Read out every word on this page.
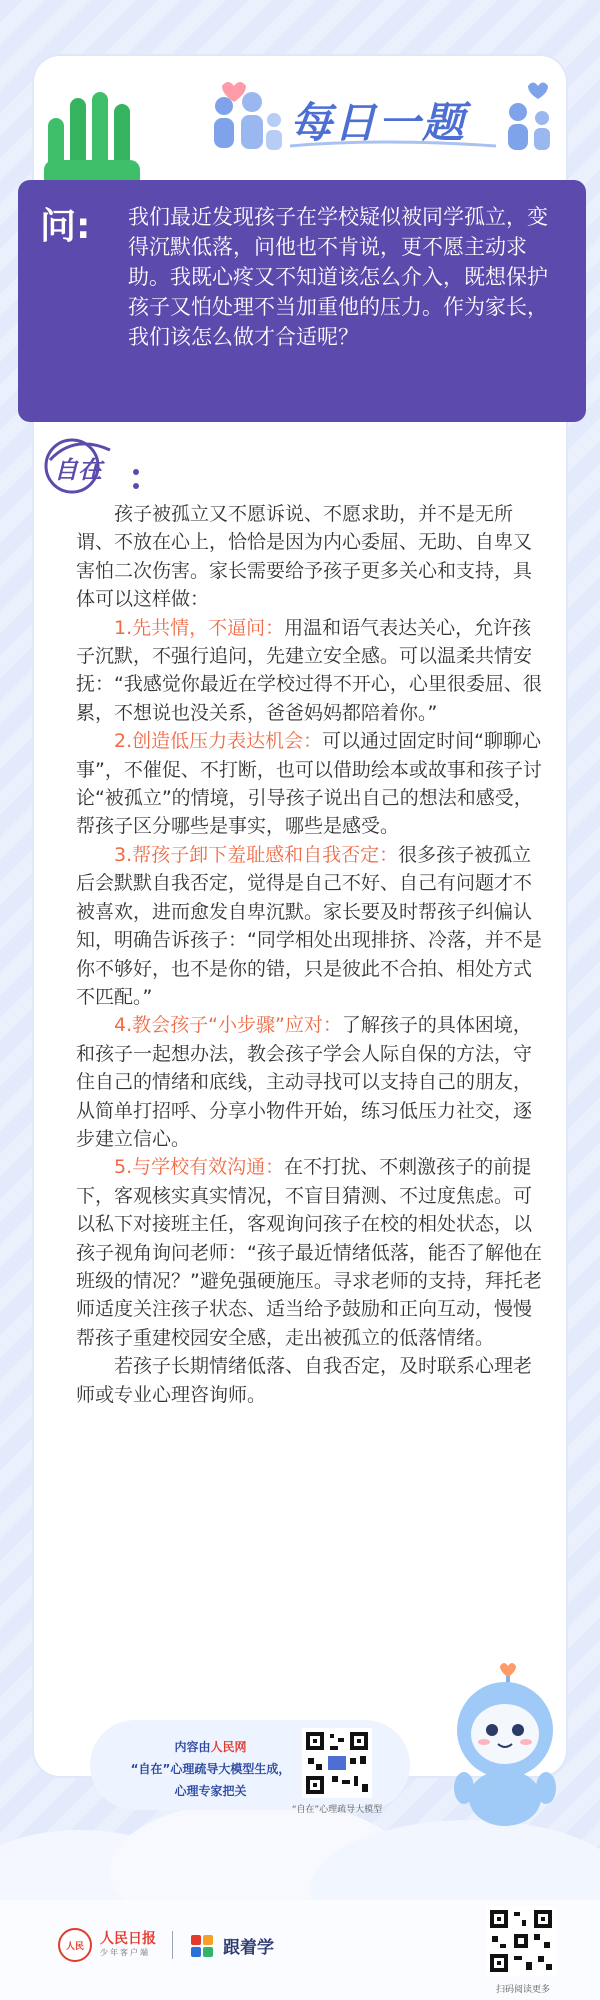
每日一题
问: 我们最近发现孩子在学校疑似被同学孤立，变得沉默低落，问他也不肯说，更不愿主动求助。我既心疼又不知道该怎么介入，既想保护孩子又怕处理不当加重他的压力。作为家长，我们该怎么做才合适呢？
自在

孩子被孤立又不愿诉说、不愿求助，并不是无所谓、不放在心上，恰恰是因为内心委屈、无助、自卑又害怕二次伤害。家长需要给予孩子更多关心和支持，具体可以这样做：

1.先共情，不逼问：用温和语气表达关心，允许孩子沉默，不强行追问，先建立安全感。可以温柔共情安抚：“我感觉你最近在学校过得不开心，心里很委屈、很累，不想说也没关系，爸爸妈妈都陪着你。”

2.创造低压力表达机会：可以通过固定时间“聊聊心事”，不催促、不打断，也可以借助绘本或故事和孩子讨论“被孤立”的情境，引导孩子说出自己的想法和感受，帮孩子区分哪些是事实，哪些是感受。

3.帮孩子卸下羞耻感和自我否定：很多孩子被孤立后会默默自我否定，觉得是自己不好、自己有问题才不被喜欢，进而愈发自卑沉默。家长要及时帮孩子纠偏认知，明确告诉孩子：“同学相处出现排挤、冷落，并不是你不够好，也不是你的错，只是彼此不合拍、相处方式不匹配。”

4.教会孩子“小步骤”应对：了解孩子的具体困境，和孩子一起想办法，教会孩子学会人际自保的方法，守住自己的情绪和底线，主动寻找可以支持自己的朋友，从简单打招呼、分享小物件开始，练习低压力社交，逐步建立信心。

5.与学校有效沟通：在不打扰、不刺激孩子的前提下，客观核实真实情况，不盲目猜测、不过度焦虑。可以私下对接班主任，客观询问孩子在校的相处状态，以孩子视角询问老师：“孩子最近情绪低落，能否了解他在班级的情况？”避免强硬施压。寻求老师的支持，拜托老师适度关注孩子状态、适当给予鼓励和正向互动，慢慢帮孩子重建校园安全感，走出被孤立的低落情绪。

若孩子长期情绪低落、自我否定，及时联系心理老师或专业心理咨询师。

内容由人民网
“自在”心理疏导大模型生成，
心理专家把关
“自在”心理疏导大模型
人民	人民日报
少年客户端	跟着学
扫码阅读更多
